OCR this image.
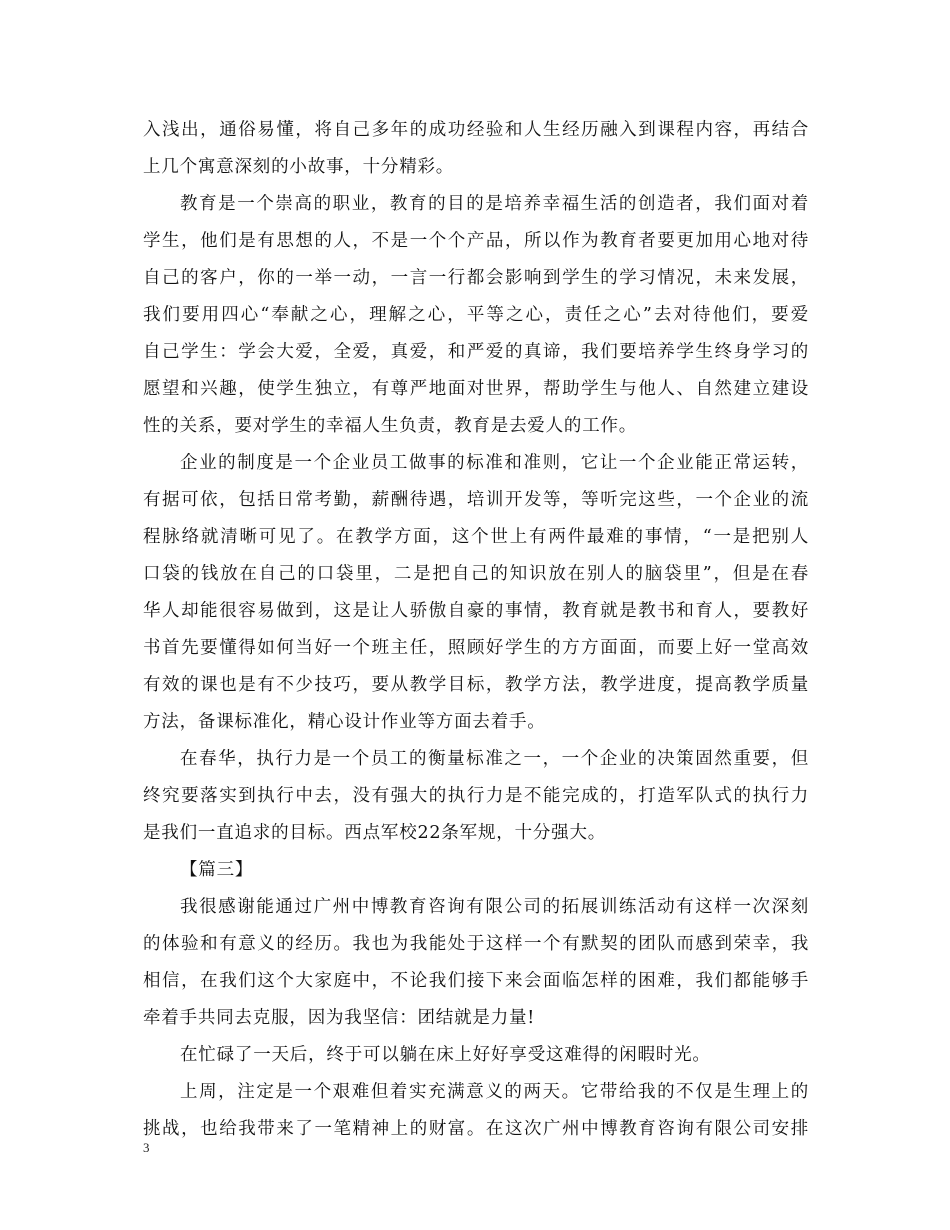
入浅出，通俗易懂，将自己多年的成功经验和人生经历融入到课程内容，再结合
上几个寓意深刻的小故事，十分精彩。
教育是一个崇高的职业，教育的目的是培养幸福生活的创造者，我们面对着
学生，他们是有思想的人，不是一个个产品，所以作为教育者要更加用心地对待
自己的客户，你的一举一动，一言一行都会影响到学生的学习情况，未来发展，
我们要用四心“奉献之心，理解之心，平等之心，责任之心”去对待他们，要爱
自己学生：学会大爱，全爱，真爱，和严爱的真谛，我们要培养学生终身学习的
愿望和兴趣，使学生独立，有尊严地面对世界，帮助学生与他人、自然建立建设
性的关系，要对学生的幸福人生负责，教育是去爱人的工作。
企业的制度是一个企业员工做事的标准和准则，它让一个企业能正常运转，
有据可依，包括日常考勤，薪酬待遇，培训开发等，等听完这些，一个企业的流
程脉络就清晰可见了。在教学方面，这个世上有两件最难的事情，“一是把别人
口袋的钱放在自己的口袋里，二是把自己的知识放在别人的脑袋里”，但是在春
华人却能很容易做到，这是让人骄傲自豪的事情，教育就是教书和育人，要教好
书首先要懂得如何当好一个班主任，照顾好学生的方方面面，而要上好一堂高效
有效的课也是有不少技巧，要从教学目标，教学方法，教学进度，提高教学质量
方法，备课标准化，精心设计作业等方面去着手。
在春华，执行力是一个员工的衡量标准之一，一个企业的决策固然重要，但
终究要落实到执行中去，没有强大的执行力是不能完成的，打造军队式的执行力
是我们一直追求的目标。西点军校22条军规，十分强大。
【篇三】
我很感谢能通过广州中博教育咨询有限公司的拓展训练活动有这样一次深刻
的体验和有意义的经历。我也为我能处于这样一个有默契的团队而感到荣幸，我
相信，在我们这个大家庭中，不论我们接下来会面临怎样的困难，我们都能够手
牵着手共同去克服，因为我坚信：团结就是力量!
在忙碌了一天后，终于可以躺在床上好好享受这难得的闲暇时光。
上周，注定是一个艰难但着实充满意义的两天。它带给我的不仅是生理上的
挑战，也给我带来了一笔精神上的财富。在这次广州中博教育咨询有限公司安排
3
